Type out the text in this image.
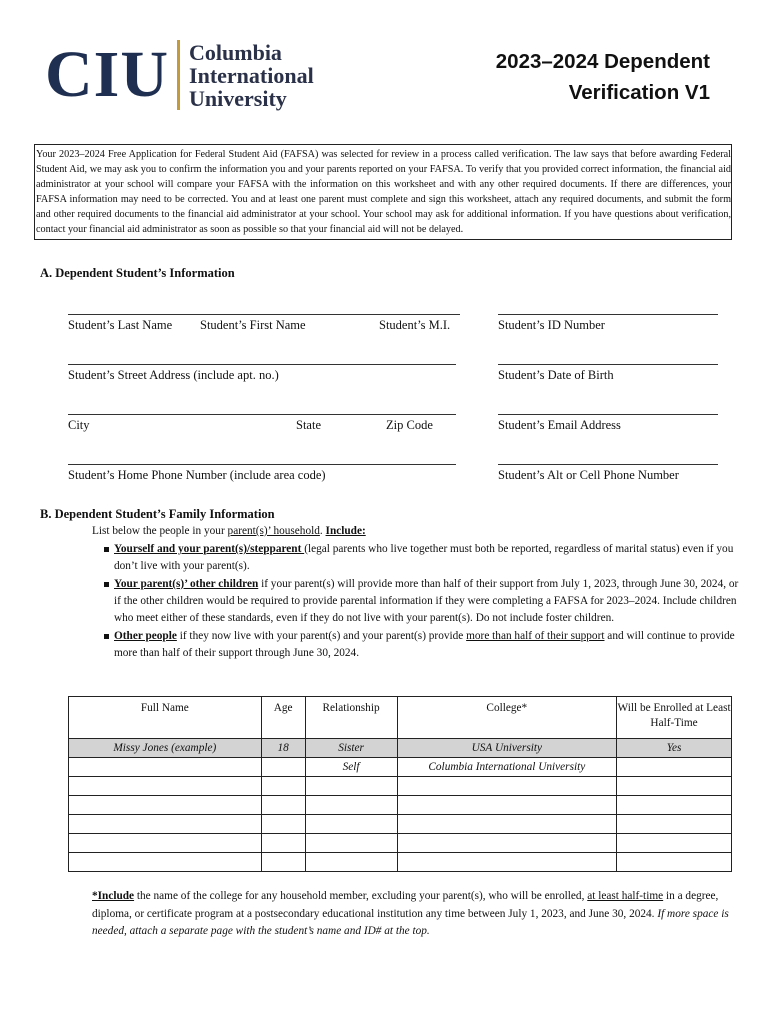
CIU Columbia
International
University
2023–2024 Dependent
Verification V1
Your 2023–2024 Free Application for Federal Student Aid (FAFSA) was selected for review in a process called verification. The law says that before awarding Federal Student Aid, we may ask you to confirm the information you and your parents reported on your FAFSA. To verify that you provided correct information, the financial aid administrator at your school will compare your FAFSA with the information on this worksheet and with any other required documents. If there are differences, your FAFSA information may need to be corrected. You and at least one parent must complete and sign this worksheet, attach any required documents, and submit the form and other required documents to the financial aid administrator at your school. Your school may ask for additional information. If you have questions about verification, contact your financial aid administrator as soon as possible so that your financial aid will not be delayed.
A. Dependent Student’s Information
Student’s Last Name Student’s First Name	Student’s M.I.	Student’s ID Number
Student’s Street Address (include apt. no.)	Student’s Date of Birth
City	State	Zip Code	Student’s Email Address
Student’s Home Phone Number (include area code)	Student’s Alt or Cell Phone Number
B. Dependent Student’s Family Information
List below the people in your parent(s)’ household. Include:
Yourself and your parent(s)/stepparent (legal parents who live together must both be reported, regardless of marital status) even if you don’t live with your parent(s).
Your parent(s)’ other children if your parent(s) will provide more than half of their support from July 1, 2023, through June 30, 2024, or if the other children would be required to provide parental information if they were completing a FAFSA for 2023–2024. Include children who meet either of these standards, even if they do not live with your parent(s). Do not include foster children.
Other people if they now live with your parent(s) and your parent(s) provide more than half of their support and will continue to provide more than half of their support through June 30, 2024.
Full Name	Age	Relationship	College*	Will be Enrolled at Least Half-Time
Missy Jones (example)	18	Sister	USA University	Yes
		Self	Columbia International University	

*Include the name of the college for any household member, excluding your parent(s), who will be enrolled, at least half-time in a degree, diploma, or certificate program at a postsecondary educational institution any time between July 1, 2023, and June 30, 2024. If more space is needed, attach a separate page with the student’s name and ID# at the top.
